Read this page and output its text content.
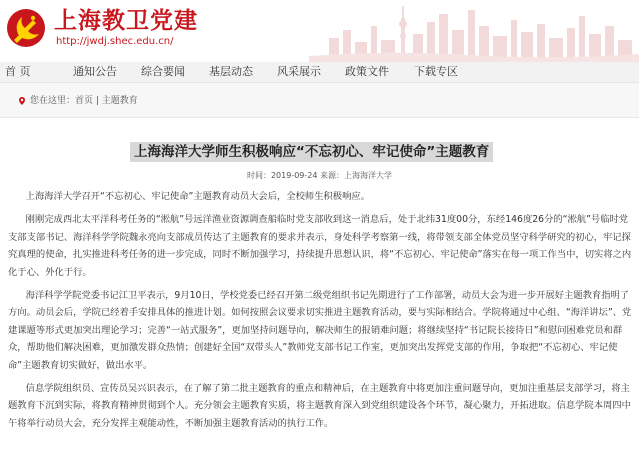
上海教卫党建
http://jwdj.shec.edu.cn/
首 页	通知公告 综合要闻 基层动态 风采展示 政策文件 下载专区
您在这里：首页 | 主题教育
上海海洋大学师生积极响应“不忘初心、牢记使命”主题教育
时间：2019-09-24 来源：上海海洋大学

上海海洋大学召开“不忘初心、牢记使命”主题教育动员大会后，全校师生积极响应。

刚刚完成西北太平洋科考任务的“淞航”号远洋渔业资源调查船临时党支部收到这一消息后，处于北纬31度00分，东经146度26分的“淞航”号临时党支部支部书记、海洋科学学院魏永亮向支部成员传达了主题教育的要求并表示，身处科学考察第一线，将带领支部全体党员坚守科学研究的初心，牢记探究真理的使命，扎实推进科考任务的进一步完成，同时不断加强学习，持续提升思想认识，将“不忘初心、牢记使命”落实在每一项工作当中，切实将之内化于心、外化于行。

海洋科学学院党委书记江卫平表示，9月10日，学校党委已经召开第二级党组织书记先期进行了工作部署，动员大会为进一步开展好主题教育指明了方向。动员会后，学院已经着手安排具体的推进计划。如何按照会议要求切实推进主题教育活动，要与实际相结合。学院将通过中心组、“海洋讲坛”、党建课题等形式更加突出理论学习；完善“一站式服务”，更加坚持问题导向，解决师生的报销难问题；将继续坚持“书记院长接待日”和慰问困难党员和群众，帮助他们解决困难，更加激发群众热情；创建好全国“双带头人”教师党支部书记工作室，更加突出发挥党支部的作用，争取把“不忘初心、牢记使命”主题教育切实做好，做出水平。

信息学院组织员、宣传员吴兴识表示，在了解了第二批主题教育的重点和精神后，在主题教育中将更加注重问题导向，更加注重基层支部学习，将主题教育下沉到实际，将教育精神贯彻到个人。充分领会主题教育实质，将主题教育深入到党组织建设各个环节，凝心聚力，开拓进取。信息学院本周四中午将举行动员大会，充分发挥主观能动性，不断加强主题教育活动的执行工作。
